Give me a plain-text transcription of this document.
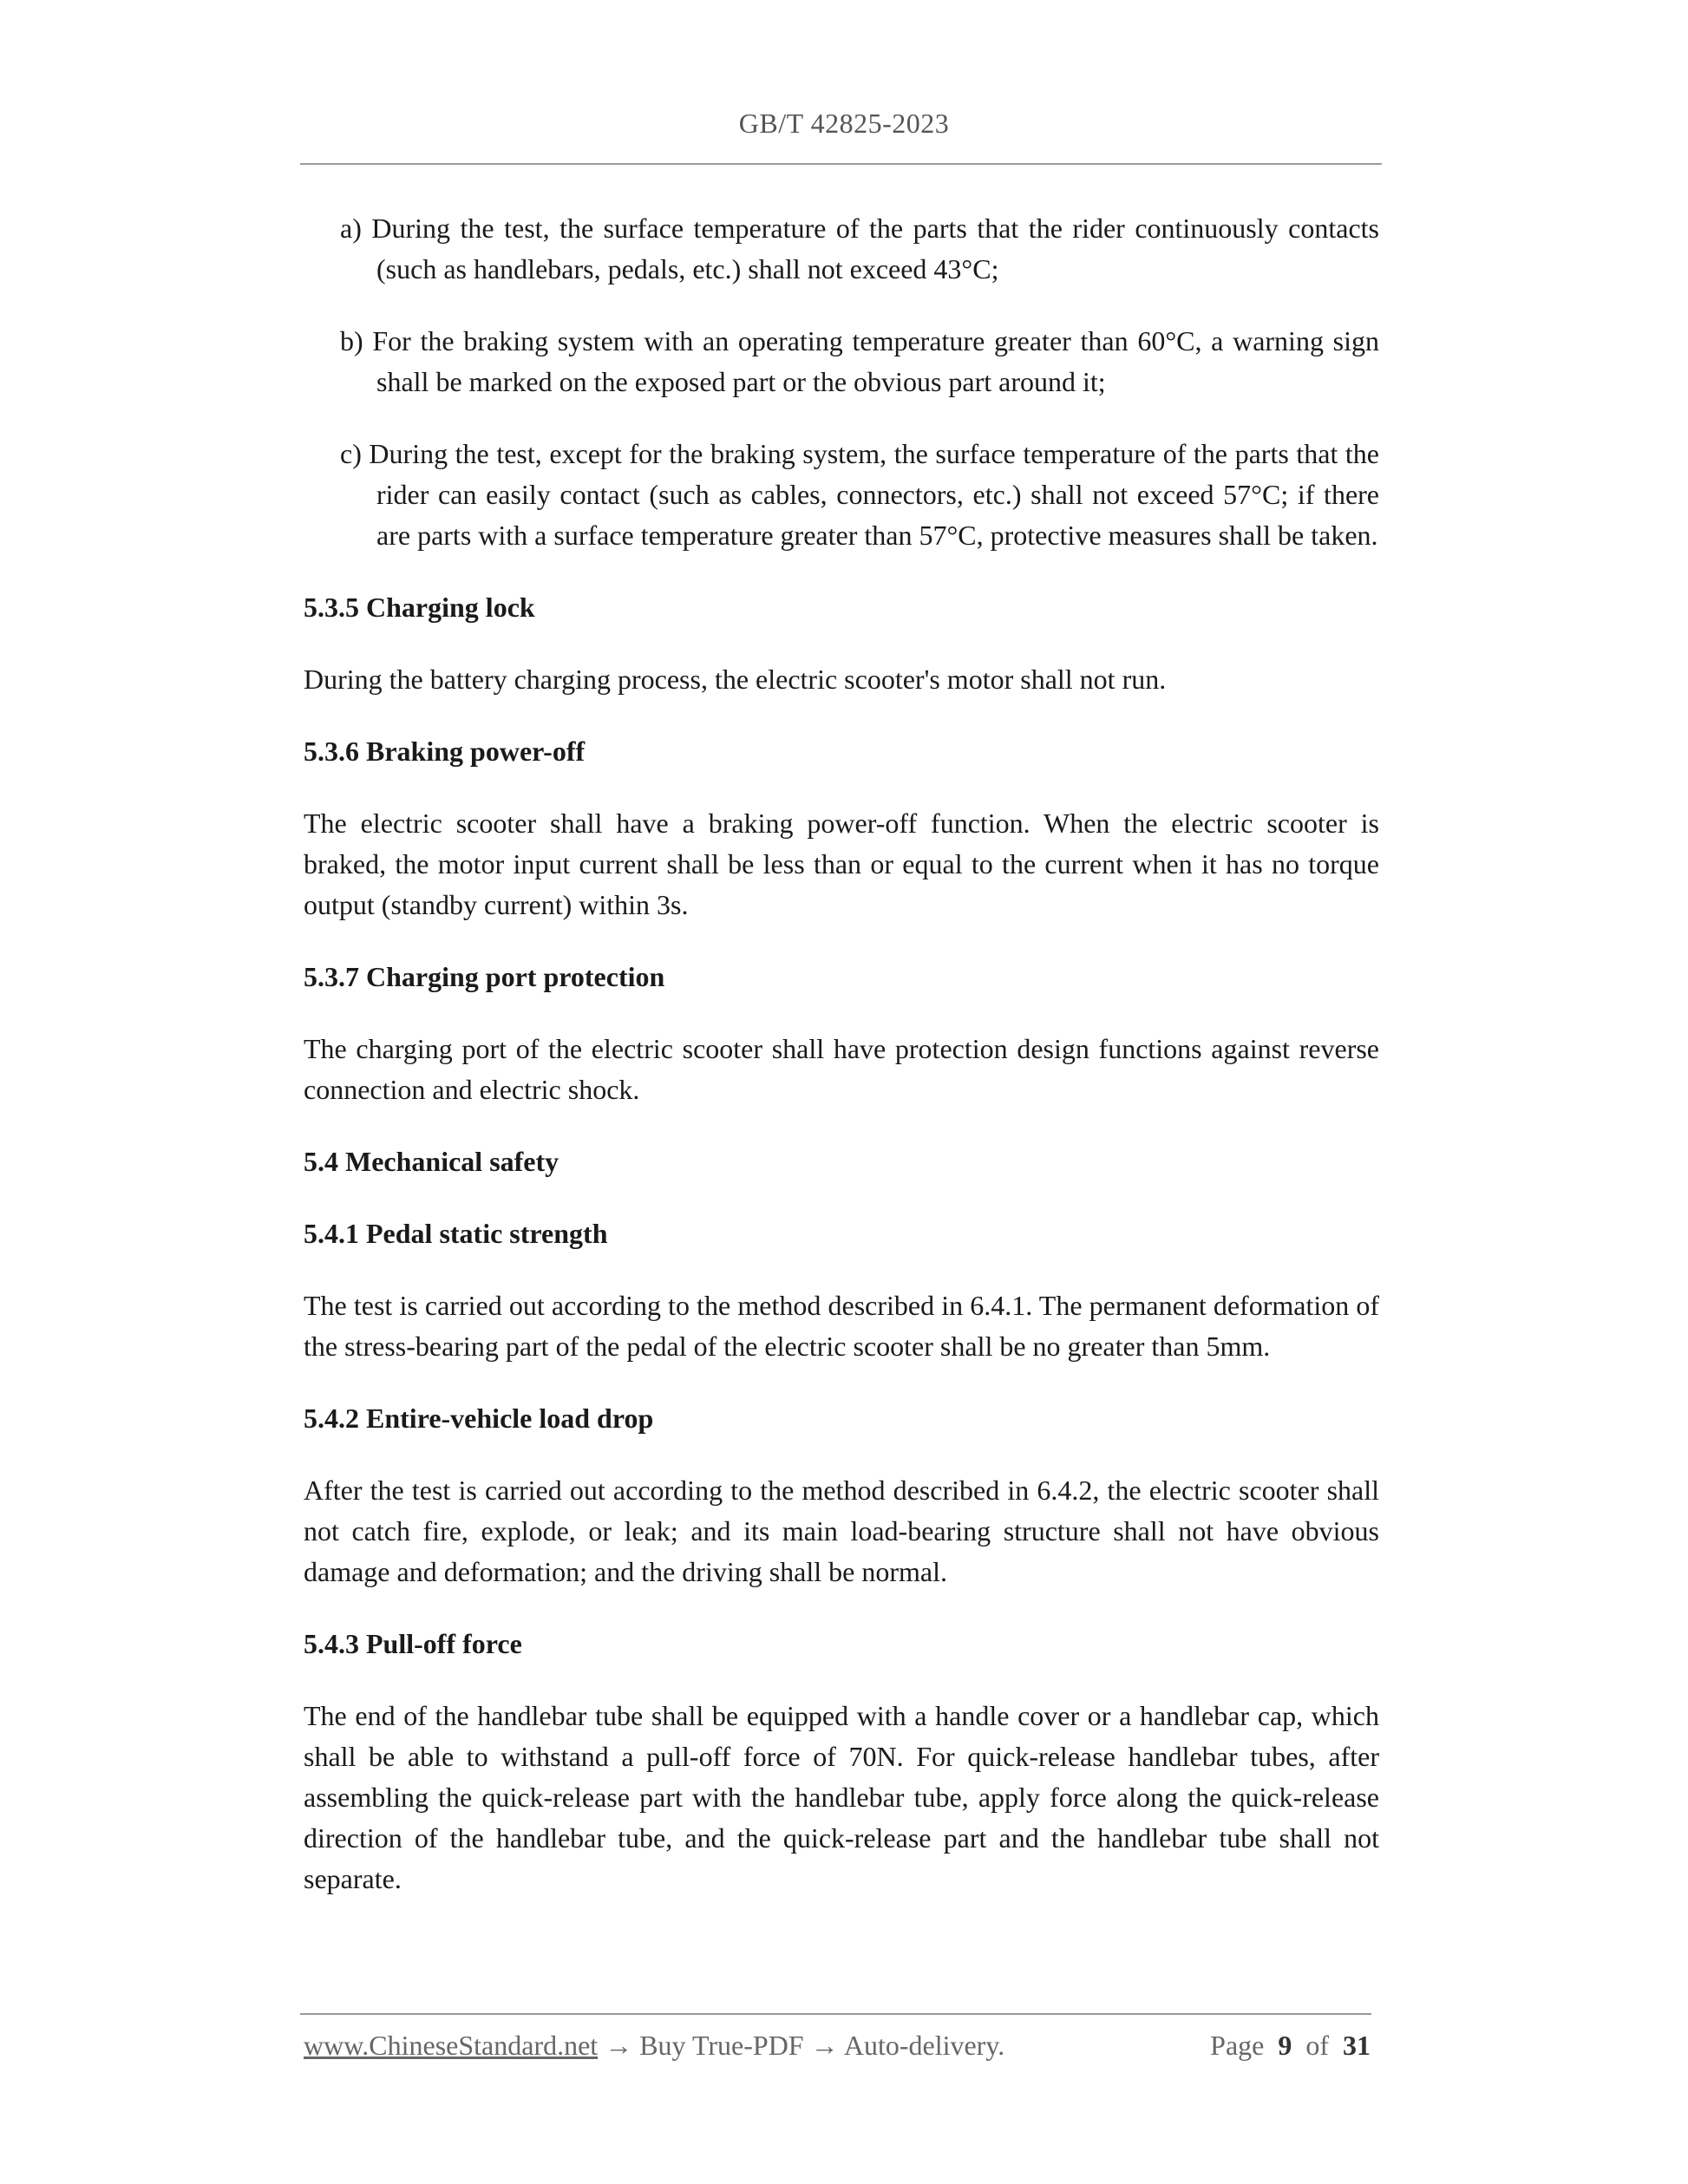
GB/T 42825-2023

a) During the test, the surface temperature of the parts that the rider continuously contacts (such as handlebars, pedals, etc.) shall not exceed 43°C;

b) For the braking system with an operating temperature greater than 60°C, a warning sign shall be marked on the exposed part or the obvious part around it;

c) During the test, except for the braking system, the surface temperature of the parts that the rider can easily contact (such as cables, connectors, etc.) shall not exceed 57°C; if there are parts with a surface temperature greater than 57°C, protective measures shall be taken.

5.3.5 Charging lock

During the battery charging process, the electric scooter's motor shall not run.

5.3.6 Braking power-off

The electric scooter shall have a braking power-off function. When the electric scooter is braked, the motor input current shall be less than or equal to the current when it has no torque output (standby current) within 3s.

5.3.7 Charging port protection

The charging port of the electric scooter shall have protection design functions against reverse connection and electric shock.

5.4 Mechanical safety
5.4.1 Pedal static strength

The test is carried out according to the method described in 6.4.1. The permanent deformation of the stress-bearing part of the pedal of the electric scooter shall be no greater than 5mm.

5.4.2 Entire-vehicle load drop

After the test is carried out according to the method described in 6.4.2, the electric scooter shall not catch fire, explode, or leak; and its main load-bearing structure shall not have obvious damage and deformation; and the driving shall be normal.

5.4.3 Pull-off force

The end of the handlebar tube shall be equipped with a handle cover or a handlebar cap, which shall be able to withstand a pull-off force of 70N. For quick-release handlebar tubes, after assembling the quick-release part with the handlebar tube, apply force along the quick-release direction of the handlebar tube, and the quick-release part and the handlebar tube shall not separate.

www.ChineseStandard.net → Buy True-PDF → Auto-delivery.	Page 9 of 31
